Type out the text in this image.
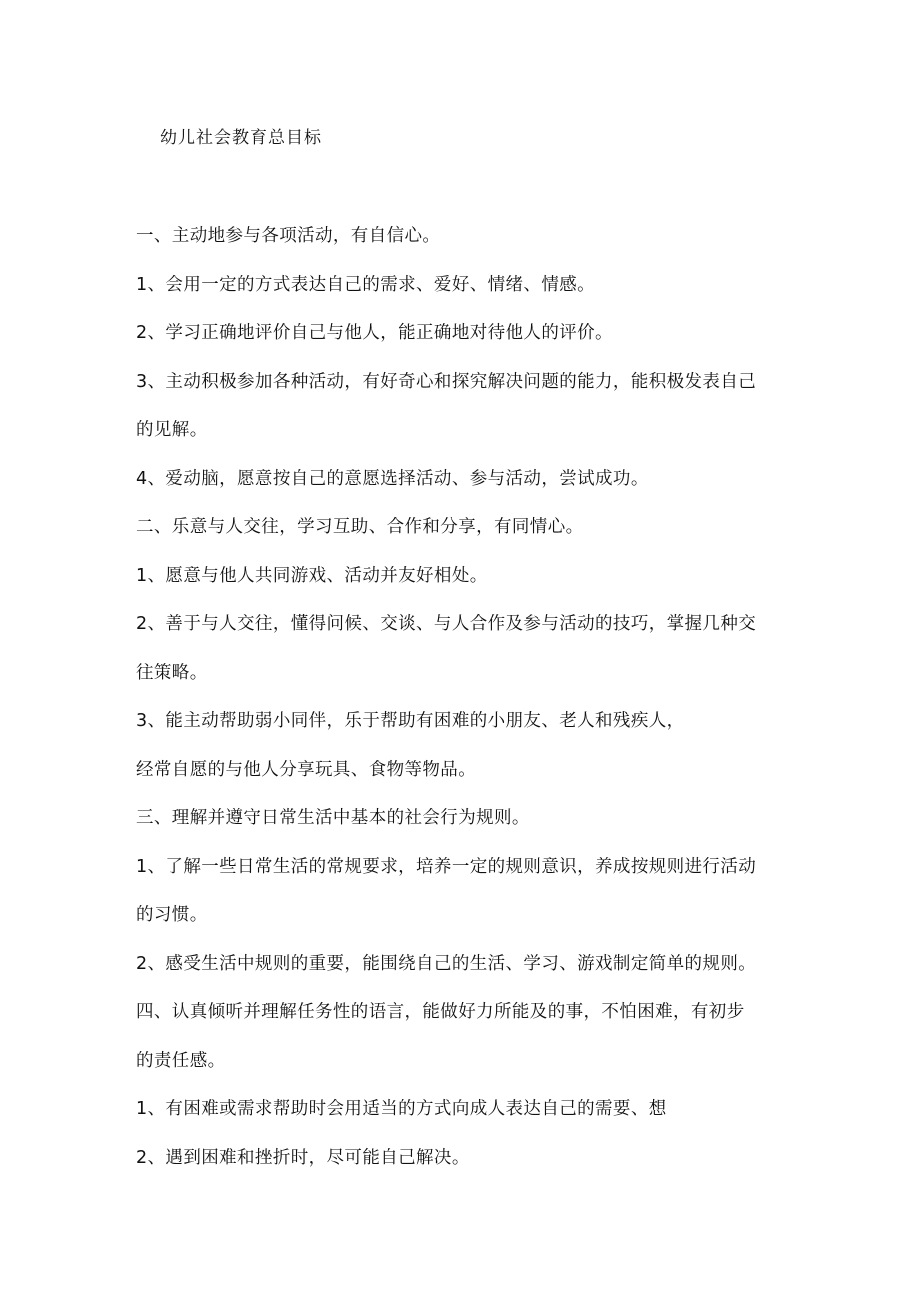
幼儿社会教育总目标
一、主动地参与各项活动，有自信心。
1、会用一定的方式表达自己的需求、爱好、情绪、情感。
2、学习正确地评价自己与他人，能正确地对待他人的评价。
3、主动积极参加各种活动，有好奇心和探究解决问题的能力，能积极发表自己
的见解。
4、爱动脑，愿意按自己的意愿选择活动、参与活动，尝试成功。
二、乐意与人交往，学习互助、合作和分享，有同情心。
1、愿意与他人共同游戏、活动并友好相处。
2、善于与人交往，懂得问候、交谈、与人合作及参与活动的技巧，掌握几种交
往策略。
3、能主动帮助弱小同伴，乐于帮助有困难的小朋友、老人和残疾人，
经常自愿的与他人分享玩具、食物等物品。
三、理解并遵守日常生活中基本的社会行为规则。
1、了解一些日常生活的常规要求，培养一定的规则意识，养成按规则进行活动
的习惯。
2、感受生活中规则的重要，能围绕自己的生活、学习、游戏制定简单的规则。
四、认真倾听并理解任务性的语言，能做好力所能及的事，不怕困难，有初步
的责任感。
1、有困难或需求帮助时会用适当的方式向成人表达自己的需要、想
2、遇到困难和挫折时，尽可能自己解决。
